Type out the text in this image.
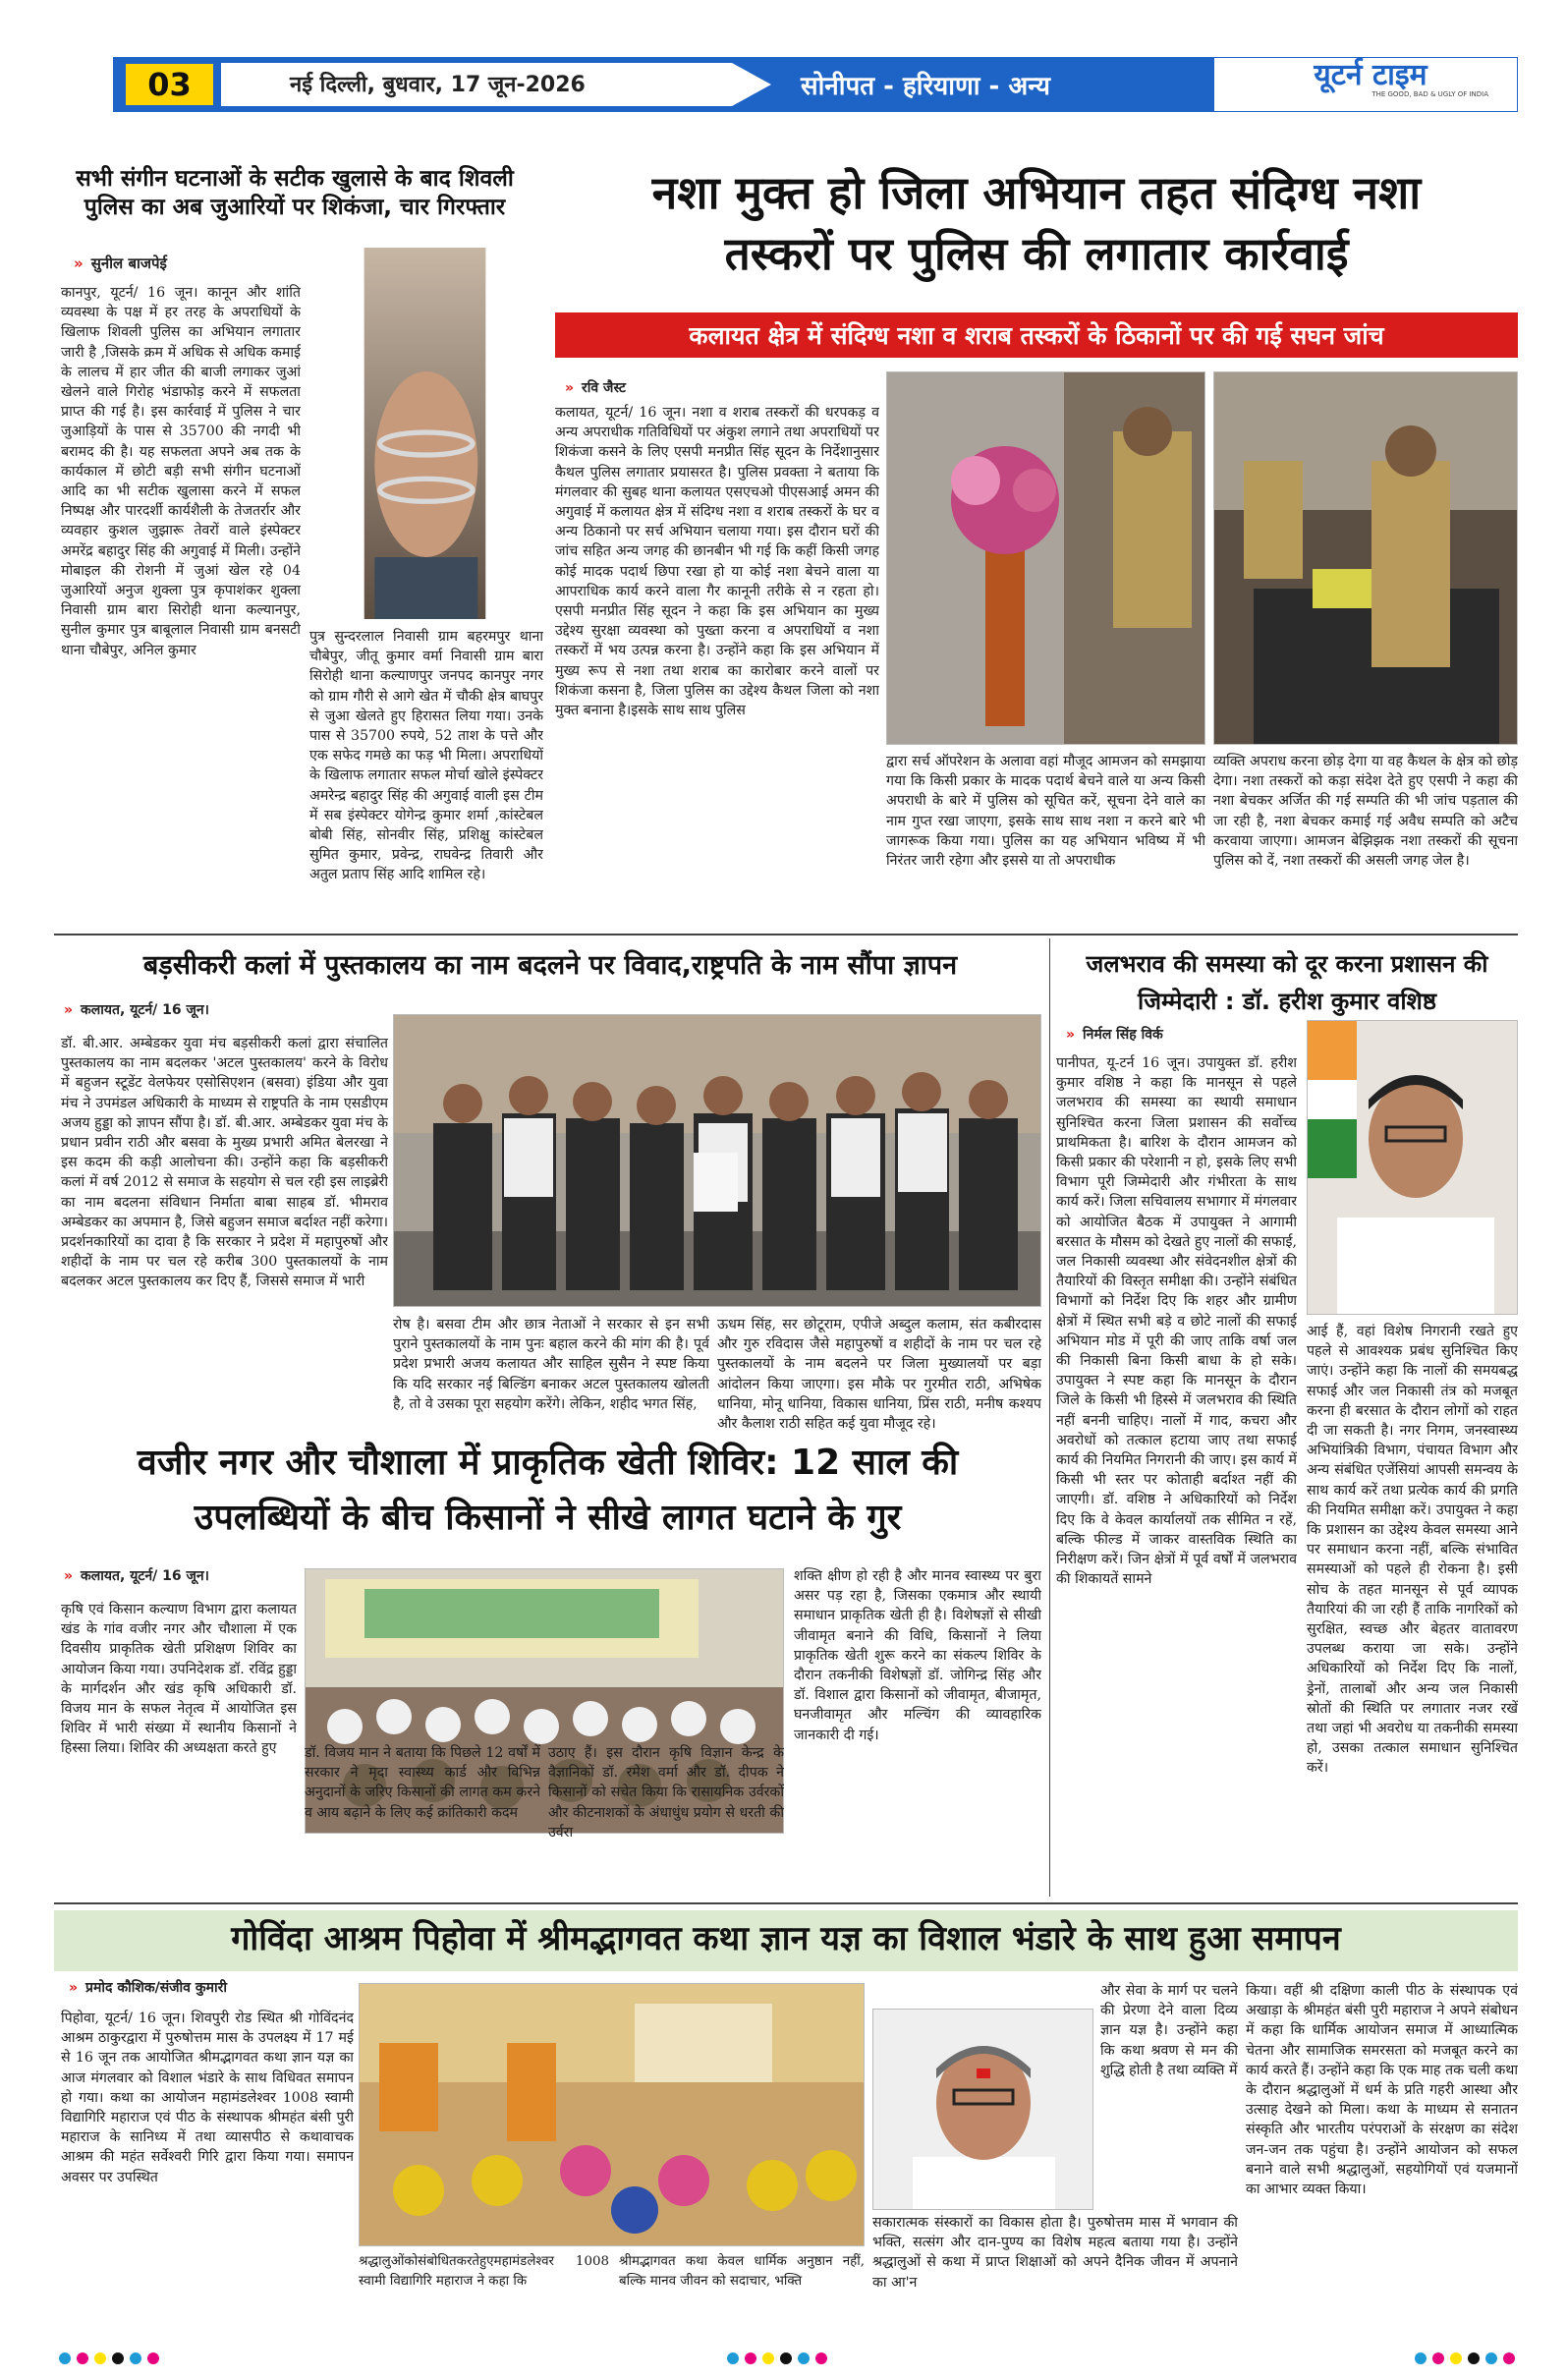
03	नई दिल्ली, बुधवार, 17 जून-2026	सोनीपत - हरियाणा - अन्य	यूटर्न टाइम
THE GOOD, BAD & UGLY OF INDIA
सभी संगीन घटनाओं के सटीक खुलासे के बाद शिवली पुलिस का अब जुआरियों पर शिकंजा, चार गिरफ्तार
» सुनील बाजपेई
कानपुर, यूटर्न/ 16 जून। कानून और शांति व्यवस्था के पक्ष में हर तरह के अपराधियों के खिलाफ शिवली पुलिस का अभियान लगातार जारी है ,जिसके क्रम में अधिक से अधिक कमाई के लालच में हार जीत की बाजी लगाकर जुआं खेलने वाले गिरोह भंडाफोड़ करने में सफलता प्राप्त की गई है। इस कार्रवाई में पुलिस ने चार जुआड़ियों के पास से 35700 की नगदी भी बरामद की है। यह सफलता अपने अब तक के कार्यकाल में छोटी बड़ी सभी संगीन घटनाओं आदि का भी सटीक खुलासा करने में सफल निष्पक्ष और पारदर्शी कार्यशैली के तेजतर्रार और व्यवहार कुशल जुझारू तेवरों वाले इंस्पेक्टर अमरेंद्र बहादुर सिंह की अगुवाई में मिली। उन्होंने मोबाइल की रोशनी में जुआं खेल रहे 04 जुआरियों अनुज शुक्ला पुत्र कृपाशंकर शुक्ला निवासी ग्राम बारा सिरोही थाना कल्यानपुर, सुनील कुमार पुत्र बाबूलाल निवासी ग्राम बनसटी थाना चौबेपुर, अनिल कुमार
पुत्र सुन्दरलाल निवासी ग्राम बहरमपुर थाना चौबेपुर, जीतू कुमार वर्मा निवासी ग्राम बारा सिरोही थाना कल्याणपुर जनपद कानपुर नगर को ग्राम गौरी से आगे खेत में चौकी क्षेत्र बाघपुर से जुआ खेलते हुए हिरासत लिया गया। उनके पास से 35700 रुपये, 52 ताश के पत्ते और एक सफेद गमछे का फड़ भी मिला। अपराधियों के खिलाफ लगातार सफल मोर्चा खोले इंस्पेक्टर अमरेन्द्र बहादुर सिंह की अगुवाई वाली इस टीम में सब इंस्पेक्टर योगेन्द्र कुमार शर्मा ,कांस्टेबल बोबी सिंह, सोनवीर सिंह, प्रशिक्षु कांस्टेबल सुमित कुमार, प्रवेन्द्र, राघवेन्द्र तिवारी और अतुल प्रताप सिंह आदि शामिल रहे।
नशा मुक्त हो जिला अभियान तहत संदिग्ध नशा
तस्करों पर पुलिस की लगातार कार्रवाई
कलायत क्षेत्र में संदिग्ध नशा व शराब तस्करों के ठिकानों पर की गई सघन जांच
» रवि जैस्ट
कलायत, यूटर्न/ 16 जून। नशा व शराब तस्करों की धरपकड़ व अन्य अपराधीक गतिविधियों पर अंकुश लगाने तथा अपराधियों पर शिकंजा कसने के लिए एसपी मनप्रीत सिंह सूदन के निर्देशानुसार कैथल पुलिस लगातार प्रयासरत है। पुलिस प्रवक्ता ने बताया कि मंगलवार की सुबह थाना कलायत एसएचओ पीएसआई अमन की अगुवाई में कलायत क्षेत्र में संदिग्ध नशा व शराब तस्करों के घर व अन्य ठिकानो पर सर्च अभियान चलाया गया। इस दौरान घरों की जांच सहित अन्य जगह की छानबीन भी गई कि कहीं किसी जगह कोई मादक पदार्थ छिपा रखा हो या कोई नशा बेचने वाला या आपराधिक कार्य करने वाला गैर कानूनी तरीके से न रहता हो। एसपी मनप्रीत सिंह सूदन ने कहा कि इस अभियान का मुख्य उद्देश्य सुरक्षा व्यवस्था को पुख्ता करना व अपराधियों व नशा तस्करों में भय उत्पन्न करना है। उन्होंने कहा कि इस अभियान में मुख्य रूप से नशा तथा शराब का कारोबार करने वालों पर शिकंजा कसना है, जिला पुलिस का उद्देश्य कैथल जिला को नशा मुक्त बनाना है।इसके साथ साथ पुलिस
द्वारा सर्च ऑपरेशन के अलावा वहां मौजूद आमजन को समझाया गया कि किसी प्रकार के मादक पदार्थ बेचने वाले या अन्य किसी अपराधी के बारे में पुलिस को सूचित करें, सूचना देने वाले का नाम गुप्त रखा जाएगा, इसके साथ साथ नशा न करने बारे भी जागरूक किया गया। पुलिस का यह अभियान भविष्य में भी निरंतर जारी रहेगा और इससे या तो अपराधीक
व्यक्ति अपराध करना छोड़ देगा या वह कैथल के क्षेत्र को छोड़ देगा। नशा तस्करों को कड़ा संदेश देते हुए एसपी ने कहा की नशा बेचकर अर्जित की गई सम्पति की भी जांच पड़ताल की जा रही है, नशा बेचकर कमाई गई अवैध सम्पति को अटैच करवाया जाएगा। आमजन बेझिझक नशा तस्करों की सूचना पुलिस को दें, नशा तस्करों की असली जगह जेल है।
बड़सीकरी कलां में पुस्तकालय का नाम बदलने पर विवाद,राष्ट्रपति के नाम सौंपा ज्ञापन
» कलायत, यूटर्न/ 16 जून।
डॉ. बी.आर. अम्बेडकर युवा मंच बड़सीकरी कलां द्वारा संचालित पुस्तकालय का नाम बदलकर 'अटल पुस्तकालय' करने के विरोध में बहुजन स्टूडेंट वेलफेयर एसोसिएशन (बसवा) इंडिया और युवा मंच ने उपमंडल अधिकारी के माध्यम से राष्ट्रपति के नाम एसडीएम अजय हुड्डा को ज्ञापन सौंपा है। डॉ. बी.आर. अम्बेडकर युवा मंच के प्रधान प्रवीन राठी और बसवा के मुख्य प्रभारी अमित बेलरखा ने इस कदम की कड़ी आलोचना की। उन्होंने कहा कि बड़सीकरी कलां में वर्ष 2012 से समाज के सहयोग से चल रही इस लाइब्रेरी का नाम बदलना संविधान निर्माता बाबा साहब डॉ. भीमराव अम्बेडकर का अपमान है, जिसे बहुजन समाज बर्दाश्त नहीं करेगा। प्रदर्शनकारियों का दावा है कि सरकार ने प्रदेश में महापुरुषों और शहीदों के नाम पर चल रहे करीब 300 पुस्तकालयों के नाम बदलकर अटल पुस्तकालय कर दिए हैं, जिससे समाज में भारी
रोष है। बसवा टीम और छात्र नेताओं ने सरकार से इन सभी पुराने पुस्तकालयों के नाम पुनः बहाल करने की मांग की है। पूर्व प्रदेश प्रभारी अजय कलायत और साहिल सुसैन ने स्पष्ट किया कि यदि सरकार नई बिल्डिंग बनाकर अटल पुस्तकालय खोलती है, तो वे उसका पूरा सहयोग करेंगे। लेकिन, शहीद भगत सिंह,
ऊधम सिंह, सर छोटूराम, एपीजे अब्दुल कलाम, संत कबीरदास और गुरु रविदास जैसे महापुरुषों व शहीदों के नाम पर चल रहे पुस्तकालयों के नाम बदलने पर जिला मुख्यालयों पर बड़ा आंदोलन किया जाएगा। इस मौके पर गुरमीत राठी, अभिषेक धानिया, मोनू धानिया, विकास धानिया, प्रिंस राठी, मनीष कश्यप और कैलाश राठी सहित कई युवा मौजूद रहे।
जलभराव की समस्या को दूर करना प्रशासन की जिम्मेदारी : डॉ. हरीश कुमार वशिष्ठ
» निर्मल सिंह विर्क
पानीपत, यू-टर्न 16 जून। उपायुक्त डॉ. हरीश कुमार वशिष्ठ ने कहा कि मानसून से पहले जलभराव की समस्या का स्थायी समाधान सुनिश्चित करना जिला प्रशासन की सर्वोच्च प्राथमिकता है। बारिश के दौरान आमजन को किसी प्रकार की परेशानी न हो, इसके लिए सभी विभाग पूरी जिम्मेदारी और गंभीरता के साथ कार्य करें। जिला सचिवालय सभागार में मंगलवार को आयोजित बैठक में उपायुक्त ने आगामी बरसात के मौसम को देखते हुए नालों की सफाई, जल निकासी व्यवस्था और संवेदनशील क्षेत्रों की तैयारियों की विस्तृत समीक्षा की। उन्होंने संबंधित विभागों को निर्देश दिए कि शहर और ग्रामीण क्षेत्रों में स्थित सभी बड़े व छोटे नालों की सफाई अभियान मोड में पूरी की जाए ताकि वर्षा जल की निकासी बिना किसी बाधा के हो सके। उपायुक्त ने स्पष्ट कहा कि मानसून के दौरान जिले के किसी भी हिस्से में जलभराव की स्थिति नहीं बननी चाहिए। नालों में गाद, कचरा और अवरोधों को तत्काल हटाया जाए तथा सफाई कार्य की नियमित निगरानी की जाए। इस कार्य में किसी भी स्तर पर कोताही बर्दाश्त नहीं की जाएगी। डॉ. वशिष्ठ ने अधिकारियों को निर्देश दिए कि वे केवल कार्यालयों तक सीमित न रहें, बल्कि फील्ड में जाकर वास्तविक स्थिति का निरीक्षण करें। जिन क्षेत्रों में पूर्व वर्षों में जलभराव की शिकायतें सामने
आई हैं, वहां विशेष निगरानी रखते हुए पहले से आवश्यक प्रबंध सुनिश्चित किए जाएं। उन्होंने कहा कि नालों की समयबद्ध सफाई और जल निकासी तंत्र को मजबूत करना ही बरसात के दौरान लोगों को राहत दी जा सकती है। नगर निगम, जनस्वास्थ्य अभियांत्रिकी विभाग, पंचायत विभाग और अन्य संबंधित एजेंसियां आपसी समन्वय के साथ कार्य करें तथा प्रत्येक कार्य की प्रगति की नियमित समीक्षा करें। उपायुक्त ने कहा कि प्रशासन का उद्देश्य केवल समस्या आने पर समाधान करना नहीं, बल्कि संभावित समस्याओं को पहले ही रोकना है। इसी सोच के तहत मानसून से पूर्व व्यापक तैयारियां की जा रही हैं ताकि नागरिकों को सुरक्षित, स्वच्छ और बेहतर वातावरण उपलब्ध कराया जा सके। उन्होंने अधिकारियों को निर्देश दिए कि नालों, ड्रेनों, तालाबों और अन्य जल निकासी स्रोतों की स्थिति पर लगातार नजर रखें तथा जहां भी अवरोध या तकनीकी समस्या हो, उसका तत्काल समाधान सुनिश्चित करें।
वजीर नगर और चौशाला में प्राकृतिक खेती शिविर: 12 साल की
उपलब्धियों के बीच किसानों ने सीखे लागत घटाने के गुर
» कलायत, यूटर्न/ 16 जून।
कृषि एवं किसान कल्याण विभाग द्वारा कलायत खंड के गांव वजीर नगर और चौशाला में एक दिवसीय प्राकृतिक खेती प्रशिक्षण शिविर का आयोजन किया गया। उपनिदेशक डॉ. रविंद्र हुड्डा के मार्गदर्शन और खंड कृषि अधिकारी डॉ. विजय मान के सफल नेतृत्व में आयोजित इस शिविर में भारी संख्या में स्थानीय किसानों ने हिस्सा लिया। शिविर की अध्यक्षता करते हुए	डॉ. विजय मान ने बताया कि पिछले 12 वर्षों में सरकार ने मृदा स्वास्थ्य कार्ड और विभिन्न अनुदानों के जरिए किसानों की लागत कम करने व आय बढ़ाने के लिए कई क्रांतिकारी कदम
उठाए हैं। इस दौरान कृषि विज्ञान केन्द्र के वैज्ञानिकों डॉ. रमेश वर्मा और डॉ. दीपक ने किसानों को सचेत किया कि रासायनिक उर्वरकों और कीटनाशकों के अंधाधुंध प्रयोग से धरती की उर्वरा
शक्ति क्षीण हो रही है और मानव स्वास्थ्य पर बुरा असर पड़ रहा है, जिसका एकमात्र और स्थायी समाधान प्राकृतिक खेती ही है। विशेषज्ञों से सीखी जीवामृत बनाने की विधि, किसानों ने लिया प्राकृतिक खेती शुरू करने का संकल्प शिविर के दौरान तकनीकी विशेषज्ञों डॉ. जोगिन्द्र सिंह और डॉ. विशाल द्वारा किसानों को जीवामृत, बीजामृत, घनजीवामृत और मल्चिंग की व्यावहारिक जानकारी दी गई।
गोविंदा आश्रम पिहोवा में श्रीमद्भागवत कथा ज्ञान यज्ञ का विशाल भंडारे के साथ हुआ समापन
» प्रमोद कौशिक/संजीव कुमारी
पिहोवा, यूटर्न/ 16 जून। शिवपुरी रोड स्थित श्री गोविंदनंद आश्रम ठाकुरद्वारा में पुरुषोत्तम मास के उपलक्ष्य में 17 मई से 16 जून तक आयोजित श्रीमद्भागवत कथा ज्ञान यज्ञ का आज मंगलवार को विशाल भंडारे के साथ विधिवत समापन हो गया। कथा का आयोजन महामंडलेश्वर 1008 स्वामी विद्यागिरि महाराज एवं पीठ के संस्थापक श्रीमहंत बंसी पुरी महाराज के सानिध्य में तथा व्यासपीठ से कथावाचक आश्रम की महंत सर्वेश्वरी गिरि द्वारा किया गया। समापन अवसर पर उपस्थित
श्रद्धालुओंकोसंबोधितकरतेहुएमहामंडलेश्वर 1008 स्वामी विद्यागिरि महाराज ने कहा कि
श्रीमद्भागवत कथा केवल धार्मिक अनुष्ठान नहीं, बल्कि मानव जीवन को सदाचार, भक्ति
और सेवा के मार्ग पर चलने की प्रेरणा देने वाला दिव्य ज्ञान यज्ञ है। उन्होंने कहा कि कथा श्रवण से मन की शुद्धि होती है तथा व्यक्ति में
सकारात्मक संस्कारों का विकास होता है। पुरुषोत्तम मास में भगवान की भक्ति, सत्संग और दान-पुण्य का विशेष महत्व बताया गया है। उन्होंने श्रद्धालुओं से कथा में प्राप्त शिक्षाओं को अपने दैनिक जीवन में अपनाने का आ'न
किया। वहीं श्री दक्षिणा काली पीठ के संस्थापक एवं अखाड़ा के श्रीमहंत बंसी पुरी महाराज ने अपने संबोधन में कहा कि धार्मिक आयोजन समाज में आध्यात्मिक चेतना और सामाजिक समरसता को मजबूत करने का कार्य करते हैं। उन्होंने कहा कि एक माह तक चली कथा के दौरान श्रद्धालुओं में धर्म के प्रति गहरी आस्था और उत्साह देखने को मिला। कथा के माध्यम से सनातन संस्कृति और भारतीय परंपराओं के संरक्षण का संदेश जन-जन तक पहुंचा है। उन्होंने आयोजन को सफल बनाने वाले सभी श्रद्धालुओं, सहयोगियों एवं यजमानों का आभार व्यक्त किया।
